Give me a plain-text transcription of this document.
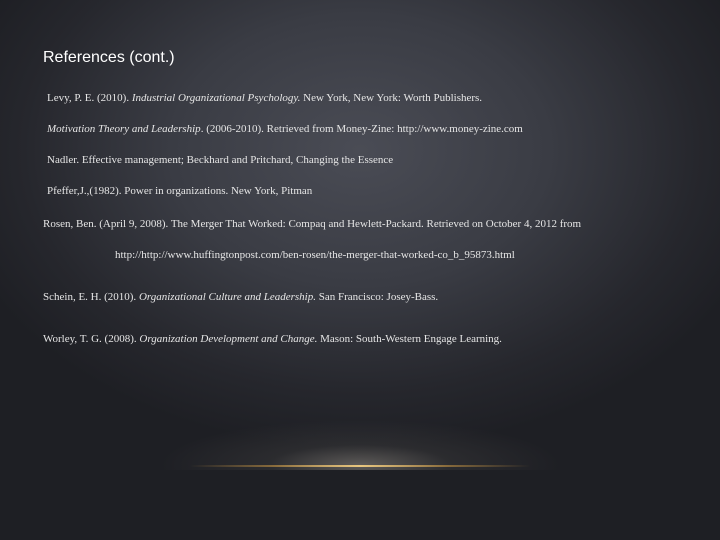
References (cont.)
Levy, P. E. (2010). Industrial Organizational Psychology. New York, New York: Worth Publishers.
Motivation Theory and Leadership. (2006-2010). Retrieved from Money-Zine: http://www.money-zine.com
Nadler. Effective management; Beckhard and Pritchard, Changing the Essence
Pfeffer,J.,(1982). Power in organizations. New York, Pitman
Rosen, Ben. (April 9, 2008). The Merger That Worked: Compaq and Hewlett-Packard. Retrieved on October 4, 2012 from
http://http://www.huffingtonpost.com/ben-rosen/the-merger-that-worked-co_b_95873.html
Schein, E. H. (2010). Organizational Culture and Leadership. San Francisco: Josey-Bass.
Worley, T. G. (2008). Organization Development and Change. Mason: South-Western Engage Learning.
